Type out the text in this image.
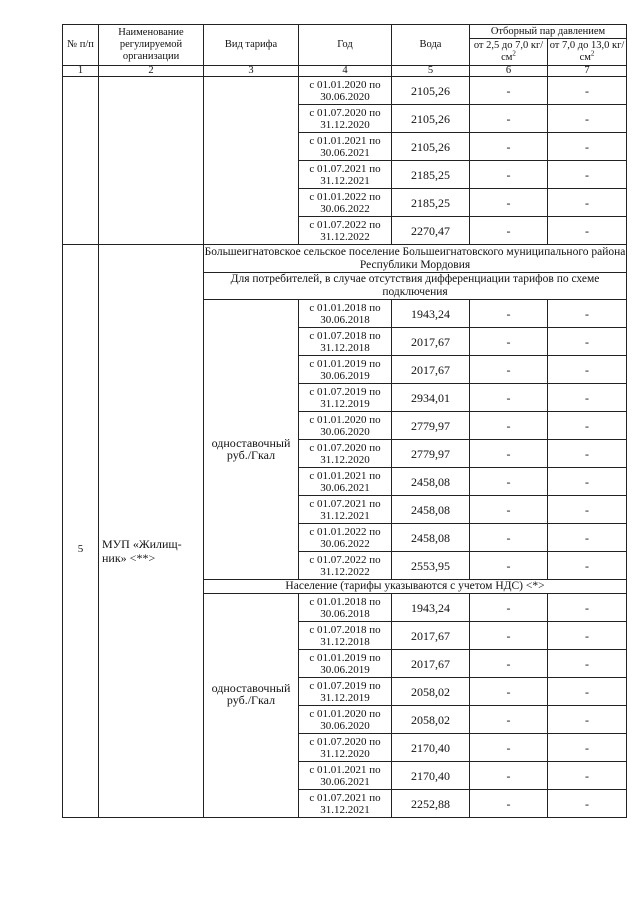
№ п/п	Наименование регулируемой организации	Вид тарифа	Год	Вода	Отборный пар давлением	
					от 2,5 до 7,0 $кг/см^2$	от 7,0 до 13,0 $кг/см^2$
1	2	3	4	5	6	7
			с 01.01.2020 по 30.06.2020	2105,26	-	-
			с 01.07.2020 по 31.12.2020	2105,26	-	-
			с 01.01.2021 по 30.06.2021	2105,26	-	-
			с 01.07.2021 по 31.12.2021	2185,25	-	-
			с 01.01.2022 по 30.06.2022	2185,25	-	-
			с 01.07.2022 по 31.12.2022	2270,47	-	-
5	МУП «Жилищ-ник» <**>	Большеигнатовское сельское поселение Большеигнатовского муниципального района Республики Мордовия				
		Для потребителей, в случае отсутствия дифференциации тарифов по схеме подключения				
		одноставочный руб./Гкал	с 01.01.2018 по 30.06.2018	1943,24	-	-
			с 01.07.2018 по 31.12.2018	2017,67	-	-
			с 01.01.2019 по 30.06.2019	2017,67	-	-
			с 01.07.2019 по 31.12.2019	2934,01	-	-
			с 01.01.2020 по 30.06.2020	2779,97	-	-
			с 01.07.2020 по 31.12.2020	2779,97	-	-
			с 01.01.2021 по 30.06.2021	2458,08	-	-
			с 01.07.2021 по 31.12.2021	2458,08	-	-
			с 01.01.2022 по 30.06.2022	2458,08	-	-
			с 01.07.2022 по 31.12.2022	2553,95	-	-
		Население (тарифы указываются с учетом НДС) <*>				
		одноставочный руб./Гкал	с 01.01.2018 по 30.06.2018	1943,24	-	-
			с 01.07.2018 по 31.12.2018	2017,67	-	-
			с 01.01.2019 по 30.06.2019	2017,67	-	-
			с 01.07.2019 по 31.12.2019	2058,02	-	-
			с 01.01.2020 по 30.06.2020	2058,02	-	-
			с 01.07.2020 по 31.12.2020	2170,40	-	-
			с 01.01.2021 по 30.06.2021	2170,40	-	-
			с 01.07.2021 по 31.12.2021	2252,88	-	-
